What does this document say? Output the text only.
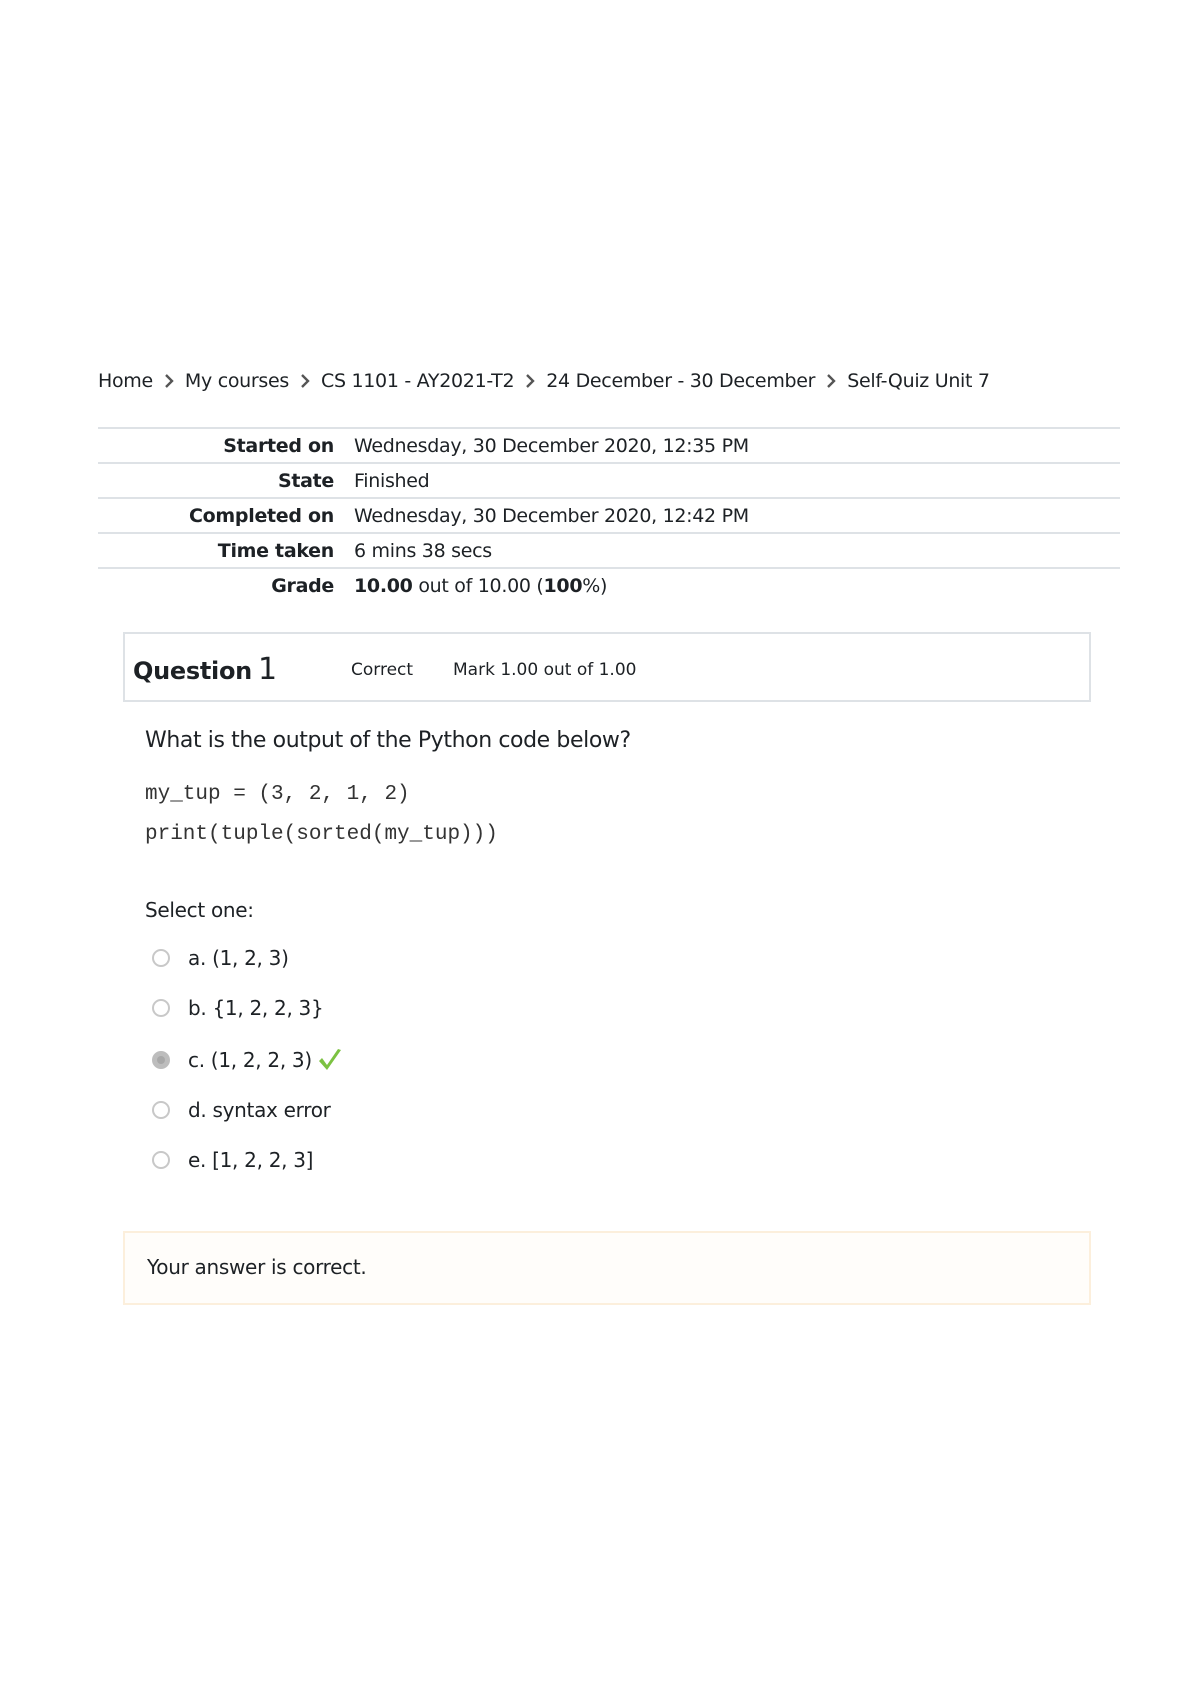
Home My courses CS 1101 - AY2021-T2 24 December - 30 December Self-Quiz Unit 7
Started on	Wednesday, 30 December 2020, 12:35 PM
State	Finished
Completed on	Wednesday, 30 December 2020, 12:42 PM
Time taken	6 mins 38 secs
Grade	10.00 out of 10.00 (100%)
Question 1	Correct Mark 1.00 out of 1.00
What is the output of the Python code below?
my_tup = (3, 2, 1, 2)
print(tuple(sorted(my_tup)))
Select one:
a. (1, 2, 3)
b. {1, 2, 2, 3}
c. (1, 2, 2, 3)
d. syntax error
e. [1, 2, 2, 3]
Your answer is correct.
